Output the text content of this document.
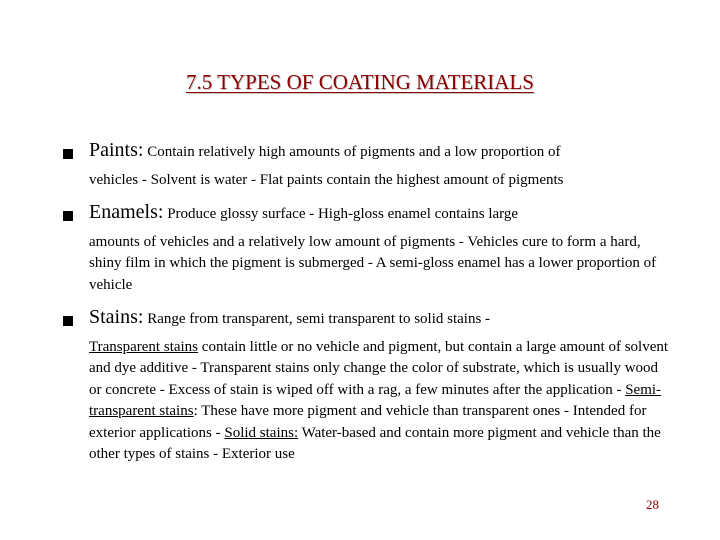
7.5 TYPES OF COATING MATERIALS
Paints: Contain relatively high amounts of pigments and a low proportion of
vehicles - Solvent is water - Flat paints contain the highest amount of pigments
Enamels: Produce glossy surface - High-gloss enamel contains large
amounts of vehicles and a relatively low amount of pigments - Vehicles cure to form a hard, shiny film in which the pigment is submerged - A semi-gloss enamel has a lower proportion of vehicle
Stains: Range from transparent, semi transparent to solid stains -
Transparent stains contain little or no vehicle and pigment, but contain a large amount of solvent and dye additive - Transparent stains only change the color of substrate, which is usually wood or concrete - Excess of stain is wiped off with a rag, a few minutes after the application - Semi-transparent stains: These have more pigment and vehicle than transparent ones - Intended for exterior applications - Solid stains: Water-based and contain more pigment and vehicle than the other types of stains - Exterior use
28
